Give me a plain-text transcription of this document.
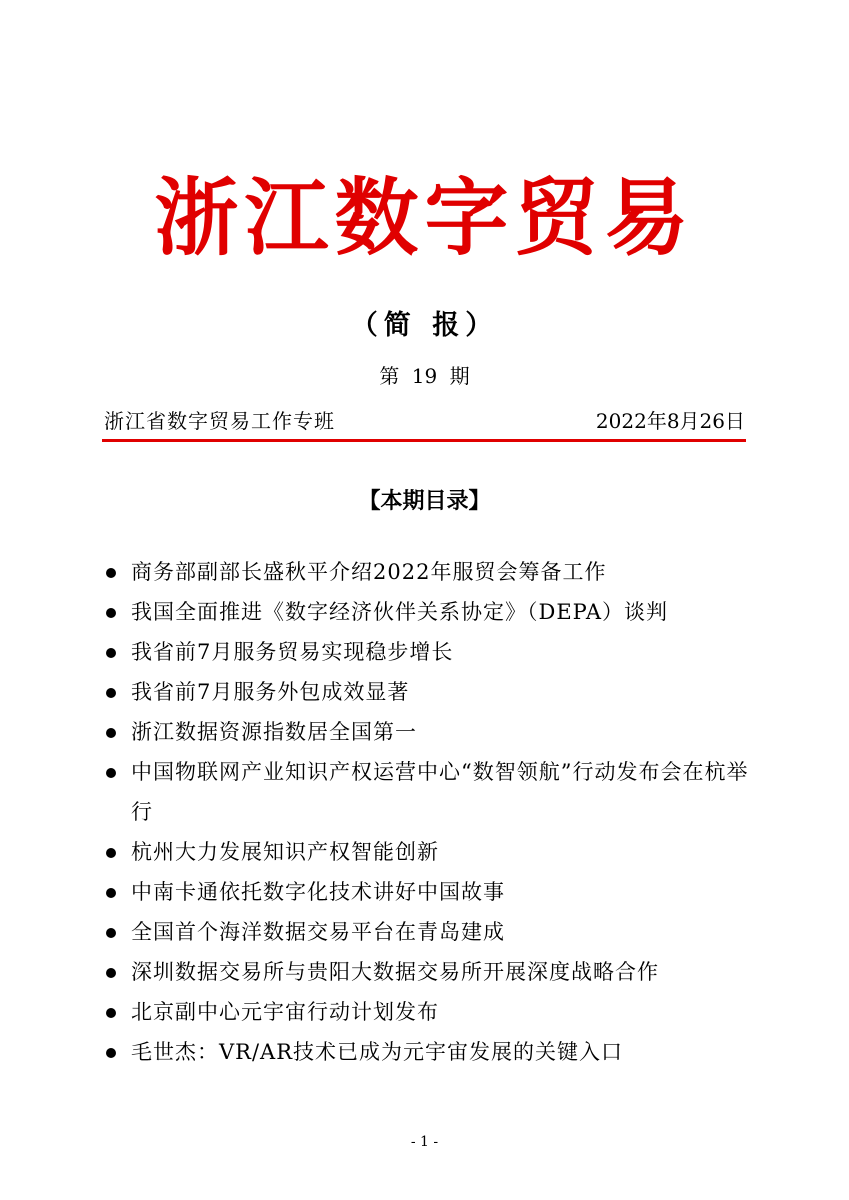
浙江数字贸易
（简 报）
第 19 期
浙江省数字贸易工作专班	2022年8月26日
【本期目录】
商务部副部长盛秋平介绍2022年服贸会筹备工作
我国全面推进《数字经济伙伴关系协定》（DEPA）谈判
我省前7月服务贸易实现稳步增长
我省前7月服务外包成效显著
浙江数据资源指数居全国第一
中国物联网产业知识产权运营中心“数智领航”行动发布会在杭举行
杭州大力发展知识产权智能创新
中南卡通依托数字化技术讲好中国故事
全国首个海洋数据交易平台在青岛建成
深圳数据交易所与贵阳大数据交易所开展深度战略合作
北京副中心元宇宙行动计划发布
毛世杰：VR/AR技术已成为元宇宙发展的关键入口
- 1 -
